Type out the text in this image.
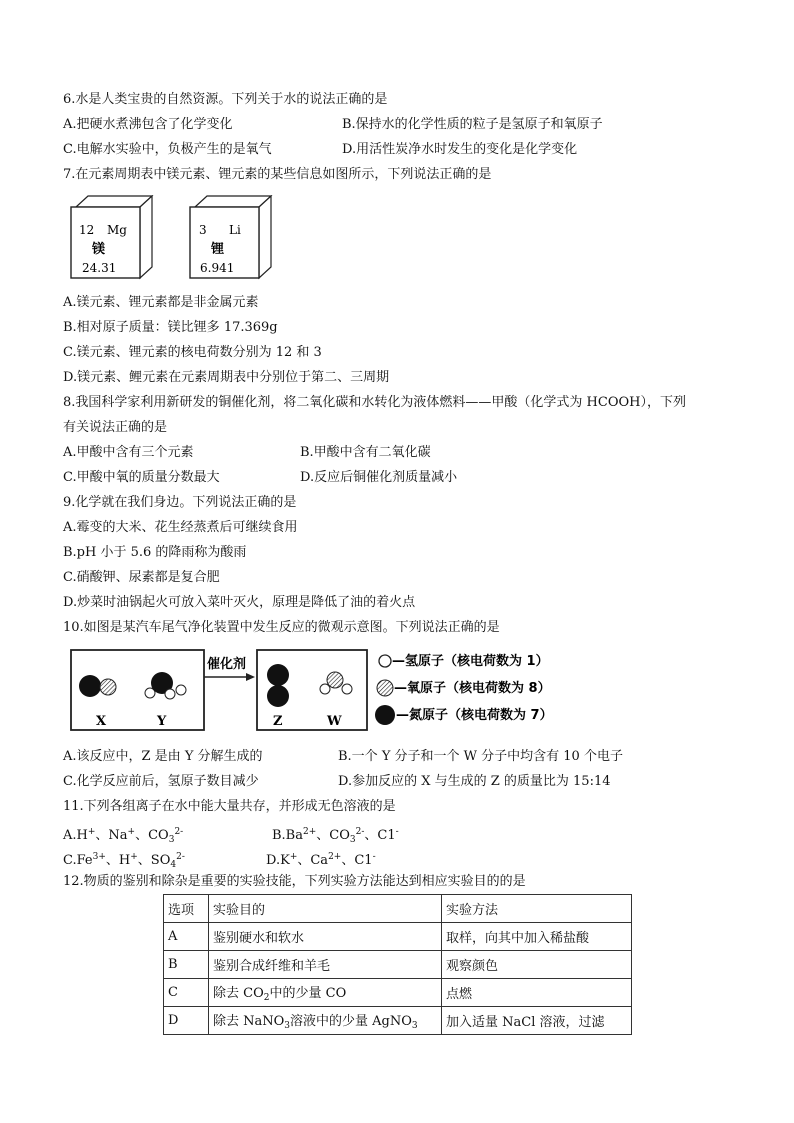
6.水是人类宝贵的自然资源。下列关于水的说法正确的是
A.把硬水煮沸包含了化学变化	B.保持水的化学性质的粒子是氢原子和氧原子
C.电解水实验中，负极产生的是氧气	D.用活性炭净水时发生的变化是化学变化
7.在元素周期表中镁元素、锂元素的某些信息如图所示，下列说法正确的是
12 Mg
镁
24.31
3 Li
锂
6.941
A.镁元素、锂元素都是非金属元素
B.相对原子质量：镁比锂多 17.369g
C.镁元素、锂元素的核电荷数分别为 12 和 3
D.镁元素、鲤元素在元素周期表中分别位于第二、三周期
8.我国科学家利用新研发的铜催化剂，将二氧化碳和水转化为液体燃料——甲酸（化学式为 HCOOH），下列
有关说法正确的是
A.甲酸中含有三个元素	B.甲酸中含有二氧化碳
C.甲酸中氧的质量分数最大	D.反应后铜催化剂质量减小
9.化学就在我们身边。下列说法正确的是
A.霉变的大米、花生经蒸煮后可继续食用
B.pH 小于 5.6 的降雨称为酸雨
C.硝酸钾、尿素都是复合肥
D.炒菜时油锅起火可放入菜叶灭火，原理是降低了油的着火点
10.如图是某汽车尾气净化装置中发生反应的微观示意图。下列说法正确的是
X	Y
催化剂
Z	W
—氢原子（核电荷数为 1）
—氧原子（核电荷数为 8）
—氮原子（核电荷数为 7）
A.该反应中，Z 是由 Y 分解生成的	B.一个 Y 分子和一个 W 分子中均含有 10 个电子
C.化学反应前后，氢原子数目减少	D.参加反应的 X 与生成的 Z 的质量比为 15:14
11.下列各组离子在水中能大量共存，并形成无色溶液的是
A.H+、Na+、$CO_3^{2-}$	$B.Ba^{2+}$、$CO_3^{2-}$、C1-
$C.Fe^{3+}$、H+、$SO_4^{2-}$	D.K+、$Ca^{2+}$、C1-
12.物质的鉴别和除杂是重要的实验技能，下列实验方法能达到相应实验目的的是
选项	实验目的	实验方法
A	鉴别硬水和软水	取样，向其中加入稀盐酸
B	鉴别合成纤维和羊毛	观察颜色
C	除去 $CO_2$中的少量 CO	点燃
D	除去 NaNO$_3$溶液中的少量 AgNO$_3$	加入适量 NaCl 溶液，过滤
